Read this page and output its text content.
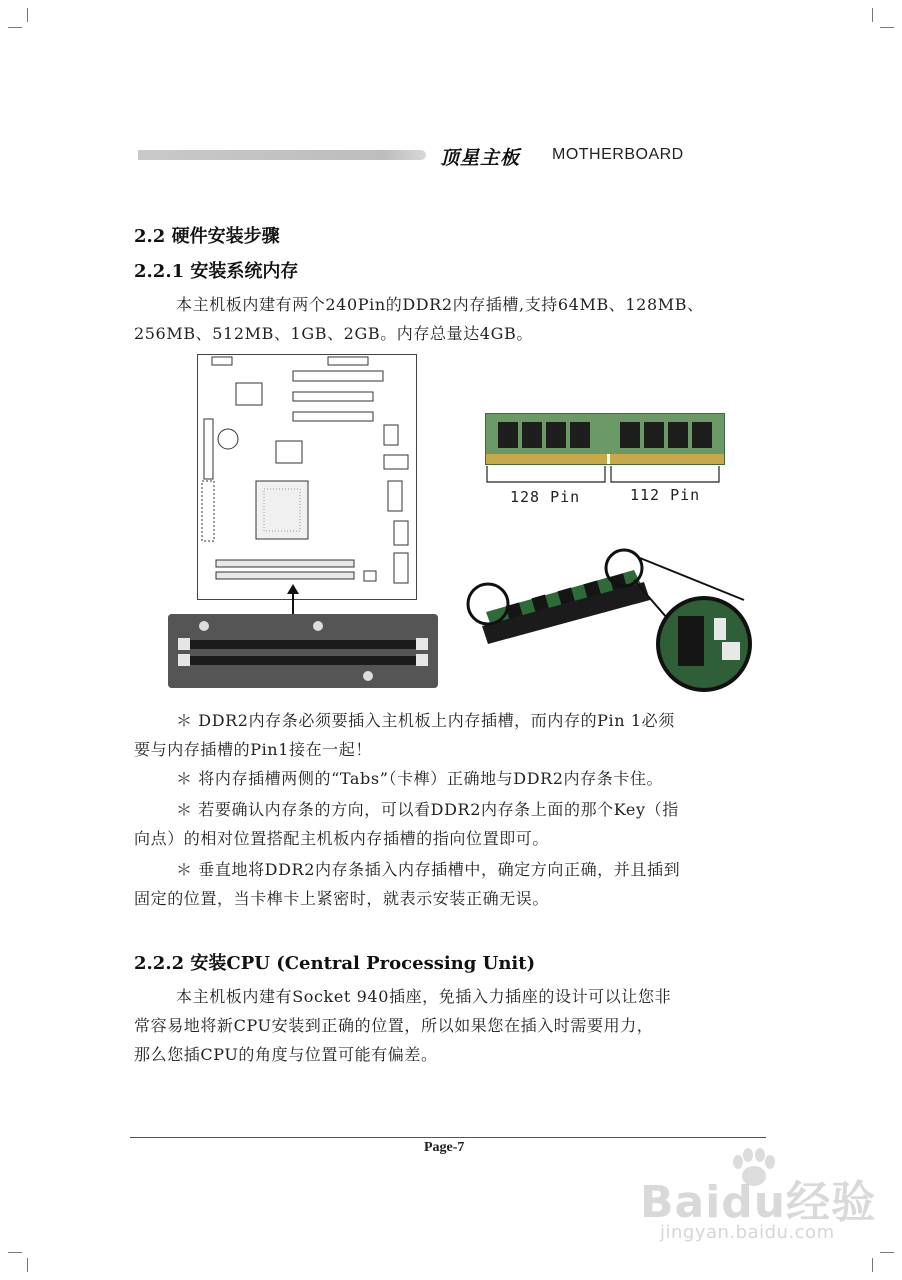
顶星主板 MOTHERBOARD
2.2 硬件安装步骤
2.2.1 安装系统内存

本主机板内建有两个240Pin的DDR2内存插槽,支持64MB、128MB、

256MB、512MB、1GB、2GB。内存总量达4GB。

128 Pin	112 Pin

＊ DDR2内存条必须要插入主机板上内存插槽，而内存的Pin 1必须

要与内存插槽的Pin1接在一起！

＊ 将内存插槽两侧的“Tabs”（卡榫）正确地与DDR2内存条卡住。

＊ 若要确认内存条的方向，可以看DDR2内存条上面的那个Key（指

向点）的相对位置搭配主机板内存插槽的指向位置即可。

＊ 垂直地将DDR2内存条插入内存插槽中，确定方向正确，并且插到

固定的位置，当卡榫卡上紧密时，就表示安装正确无误。

2.2.2 安装CPU (Central Processing Unit)

本主机板内建有Socket 940插座，免插入力插座的设计可以让您非

常容易地将新CPU安装到正确的位置，所以如果您在插入时需要用力，

那么您插CPU的角度与位置可能有偏差。

Page-7
Baidu经验
jingyan.baidu.com
